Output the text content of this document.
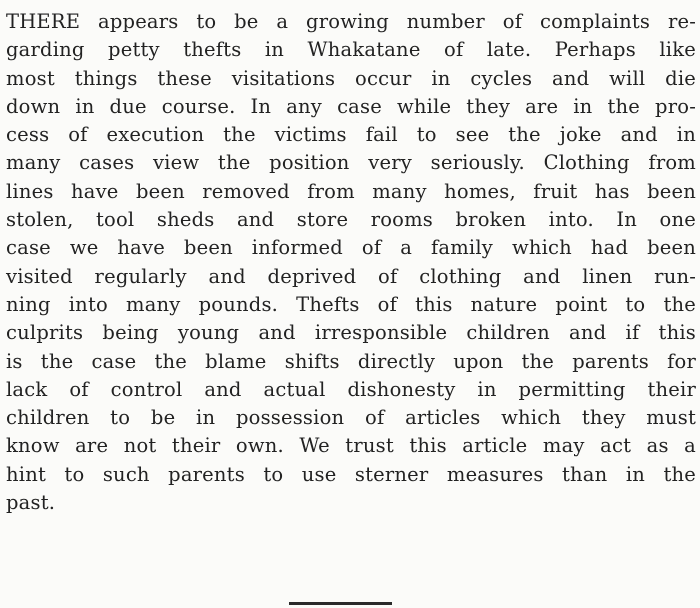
THERE appears to be a growing number of complaints re-
garding petty thefts in Whakatane of late. Perhaps like
most things these visitations occur in cycles and will die
down in due course. In any case while they are in the pro-
cess of execution the victims fail to see the joke and in
many cases view the position very seriously. Clothing from
lines have been removed from many homes, fruit has been
stolen, tool sheds and store rooms broken into. In one
case we have been informed of a family which had been
visited regularly and deprived of clothing and linen run-
ning into many pounds. Thefts of this nature point to the
culprits being young and irresponsible children and if this
is the case the blame shifts directly upon the parents for
lack of control and actual dishonesty in permitting their
children to be in possession of articles which they must
know are not their own. We trust this article may act as a
hint to such parents to use sterner measures than in the
past.
